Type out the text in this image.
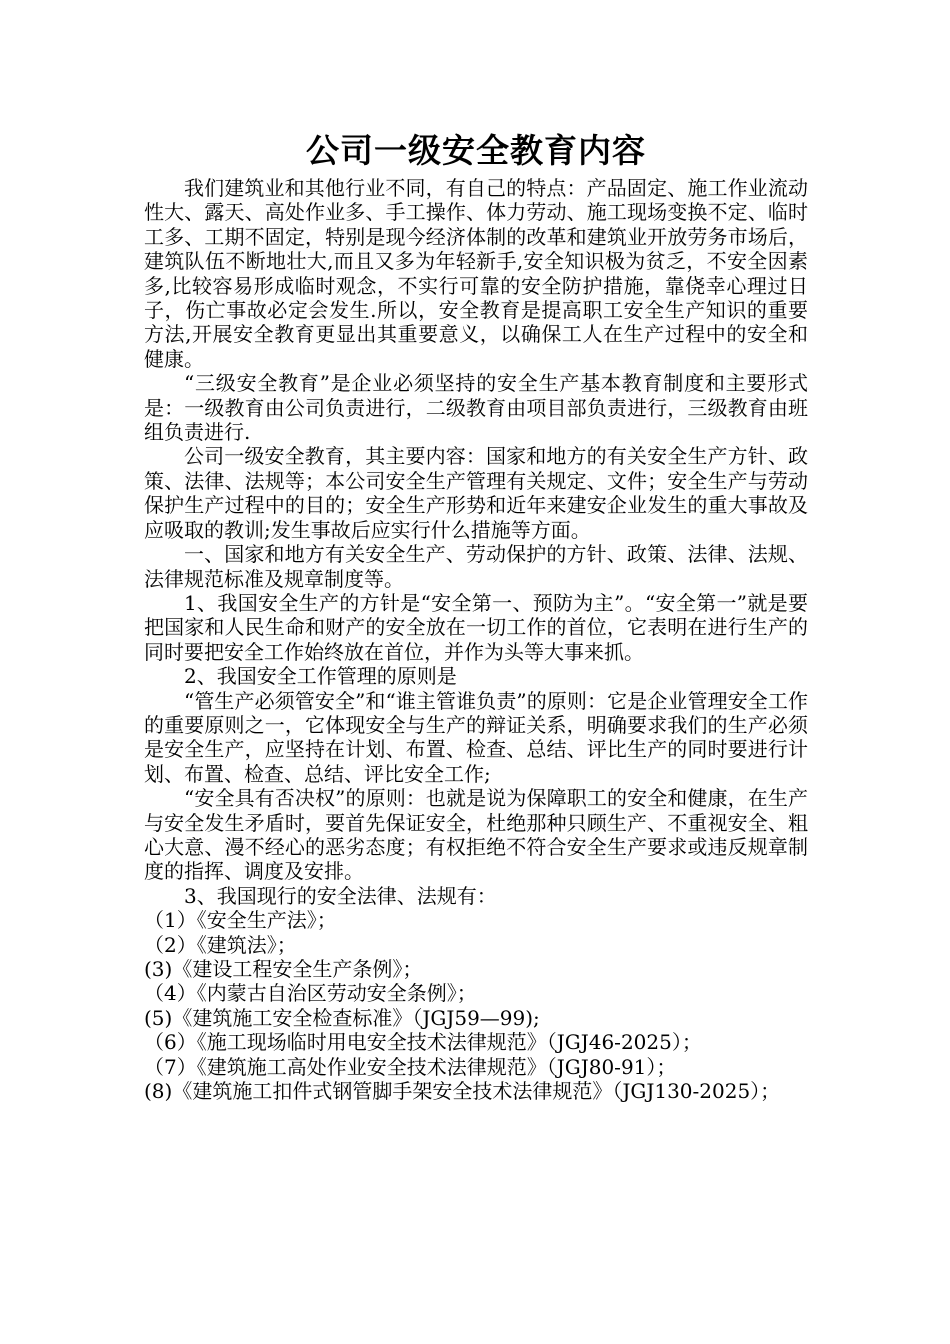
公司一级安全教育内容

我们建筑业和其他行业不同，有自己的特点：产品固定、施工作业流动性大、露天、高处作业多、手工操作、体力劳动、施工现场变换不定、临时工多、工期不固定，特别是现今经济体制的改革和建筑业开放劳务市场后，建筑队伍不断地壮大,而且又多为年轻新手,安全知识极为贫乏，不安全因素多,比较容易形成临时观念，不实行可靠的安全防护措施，靠侥幸心理过日子，伤亡事故必定会发生.所以，安全教育是提高职工安全生产知识的重要方法,开展安全教育更显出其重要意义，以确保工人在生产过程中的安全和健康。

“三级安全教育”是企业必须坚持的安全生产基本教育制度和主要形式是：一级教育由公司负责进行，二级教育由项目部负责进行，三级教育由班组负责进行.

公司一级安全教育，其主要内容：国家和地方的有关安全生产方针、政策、法律、法规等；本公司安全生产管理有关规定、文件；安全生产与劳动保护生产过程中的目的；安全生产形势和近年来建安企业发生的重大事故及应吸取的教训;发生事故后应实行什么措施等方面。

一、国家和地方有关安全生产、劳动保护的方针、政策、法律、法规、法律规范标准及规章制度等。

1、我国安全生产的方针是“安全第一、预防为主”。“安全第一”就是要把国家和人民生命和财产的安全放在一切工作的首位，它表明在进行生产的同时要把安全工作始终放在首位，并作为头等大事来抓。

2、我国安全工作管理的原则是

“管生产必须管安全”和“谁主管谁负责”的原则：它是企业管理安全工作的重要原则之一，它体现安全与生产的辩证关系，明确要求我们的生产必须是安全生产，应坚持在计划、布置、检查、总结、评比生产的同时要进行计划、布置、检查、总结、评比安全工作;

“安全具有否决权”的原则：也就是说为保障职工的安全和健康，在生产与安全发生矛盾时，要首先保证安全，杜绝那种只顾生产、不重视安全、粗心大意、漫不经心的恶劣态度；有权拒绝不符合安全生产要求或违反规章制度的指挥、调度及安排。

3、我国现行的安全法律、法规有：

（1）《安全生产法》；

（2）《建筑法》；

(3)《建设工程安全生产条例》；

（4）《内蒙古自治区劳动安全条例》；

(5)《建筑施工安全检查标准》（JGJ59—99);

（6）《施工现场临时用电安全技术法律规范》（JGJ46-2025）；

（7）《建筑施工高处作业安全技术法律规范》（JGJ80-91）；

(8)《建筑施工扣件式钢管脚手架安全技术法律规范》（JGJ130-2025）；
